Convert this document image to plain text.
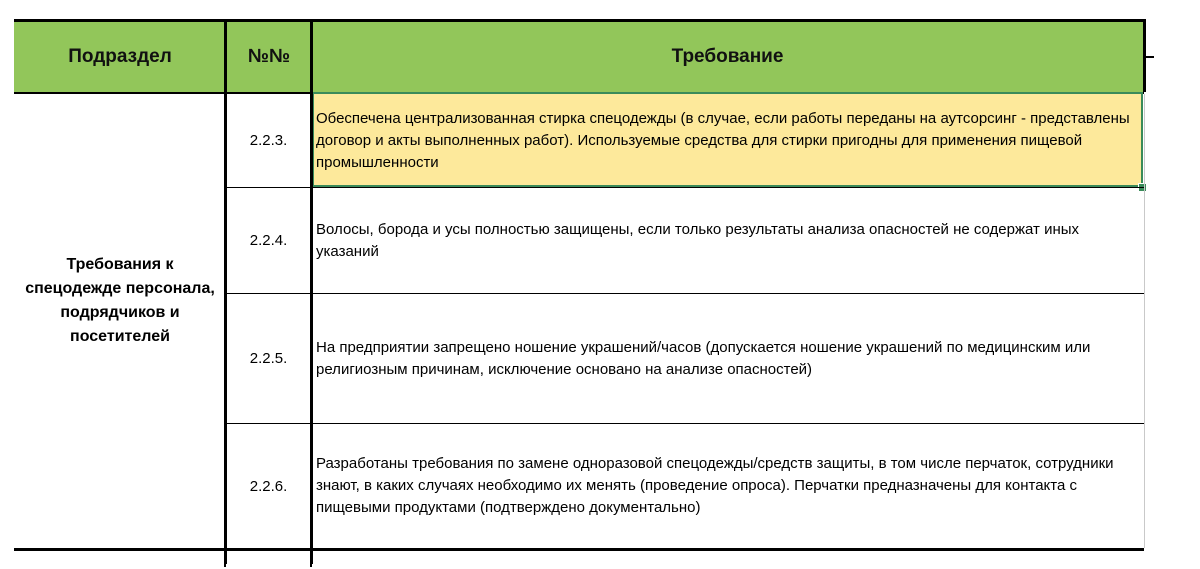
Подраздел	№№	Требование
Требования к спецодежде персонала, подрядчиков и посетителей
2.2.3.
Обеспечена централизованная стирка спецодежды (в случае, если работы переданы на аутсорсинг - представлены договор и акты выполненных работ). Используемые средства для стирки пригодны для применения пищевой промышленности
2.2.4.
Волосы, борода и усы полностью защищены, если только результаты анализа опасностей не содержат иных указаний
2.2.5.
На предприятии запрещено ношение украшений/часов (допускается ношение украшений по медицинским или религиозным причинам, исключение основано на анализе опасностей)
2.2.6.
Разработаны требования по замене одноразовой спецодежды/средств защиты, в том числе перчаток, сотрудники знают, в каких случаях необходимо их менять (проведение опроса). Перчатки предназначены для контакта с пищевыми продуктами (подтверждено документально)
